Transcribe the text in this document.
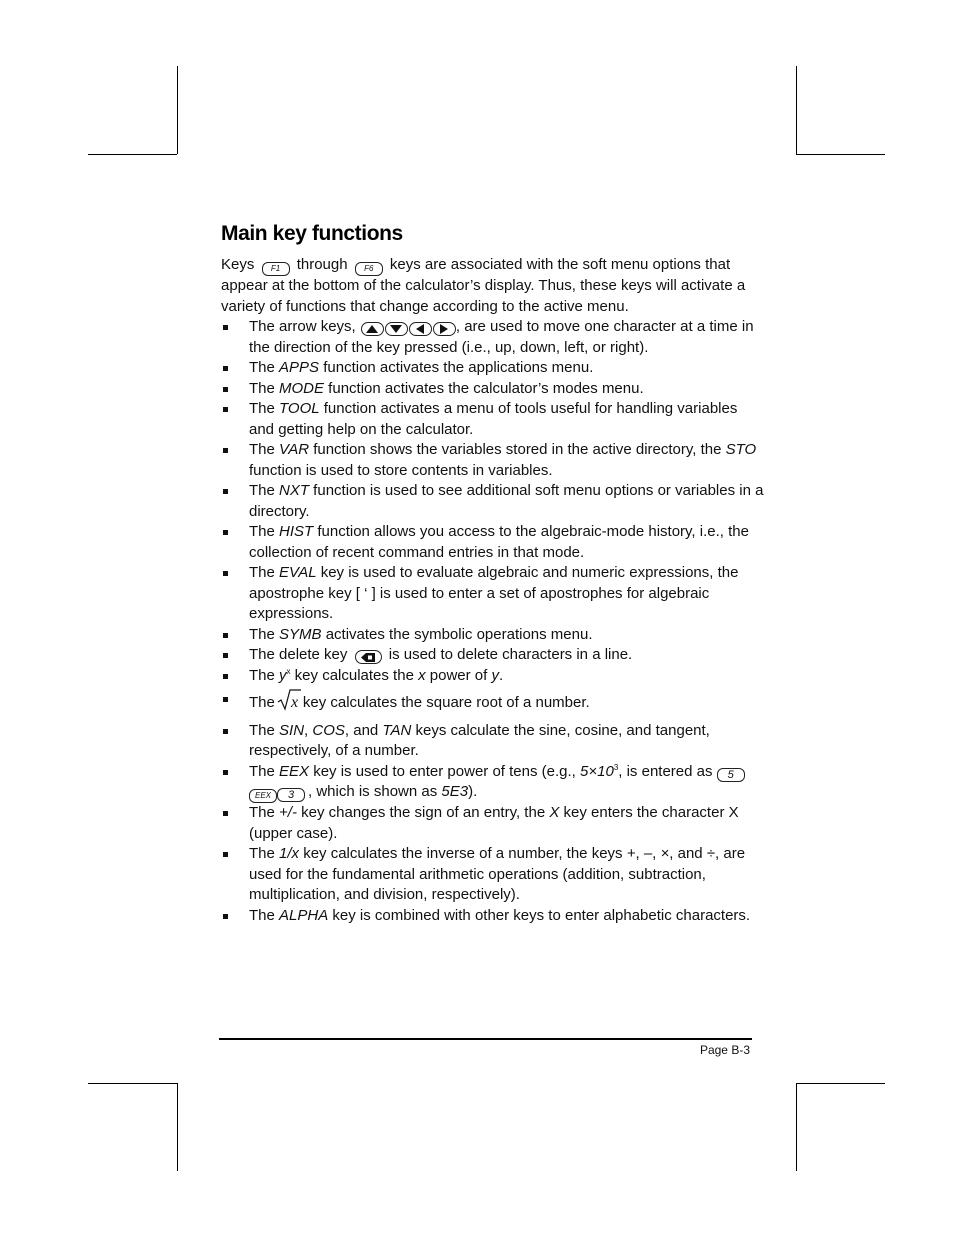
Main key functions

Keys F1 through F6 keys are associated with the soft menu options that appear at the bottom of the calculator’s display. Thus, these keys will activate a variety of functions that change according to the active menu.

The arrow keys,	, are used to move one character at a time in the direction of the key pressed (i.e., up, down, left, or right).
The APPS function activates the applications menu.
The MODE function activates the calculator’s modes menu.
The TOOL function activates a menu of tools useful for handling variables and getting help on the calculator.
The VAR function shows the variables stored in the active directory, the STO function is used to store contents in variables.
The NXT function is used to see additional soft menu options or variables in a directory.
The HIST function allows you access to the algebraic-mode history, i.e., the collection of recent command entries in that mode.
The EVAL key is used to evaluate algebraic and numeric expressions, the apostrophe key [ ‘ ] is used to enter a set of apostrophes for algebraic expressions.
The SYMB activates the symbolic operations menu.
The delete key	is used to delete characters in a line.
The $y^x$ key calculates the x power of y.
The x key calculates the square root of a number.
The SIN, COS, and TAN keys calculate the sine, cosine, and tangent, respectively, of a number.
The EEX key is used to enter power of tens (e.g., $5\times 10^3$, is entered as 5EEX 3 , which is shown as 5E3).
The +/- key changes the sign of an entry, the X key enters the character X (upper case).
The 1/x key calculates the inverse of a number, the keys +, –, ×, and ÷, are used for the fundamental arithmetic operations (addition, subtraction, multiplication, and division, respectively).
The ALPHA key is combined with other keys to enter alphabetic characters.
Page B-3
